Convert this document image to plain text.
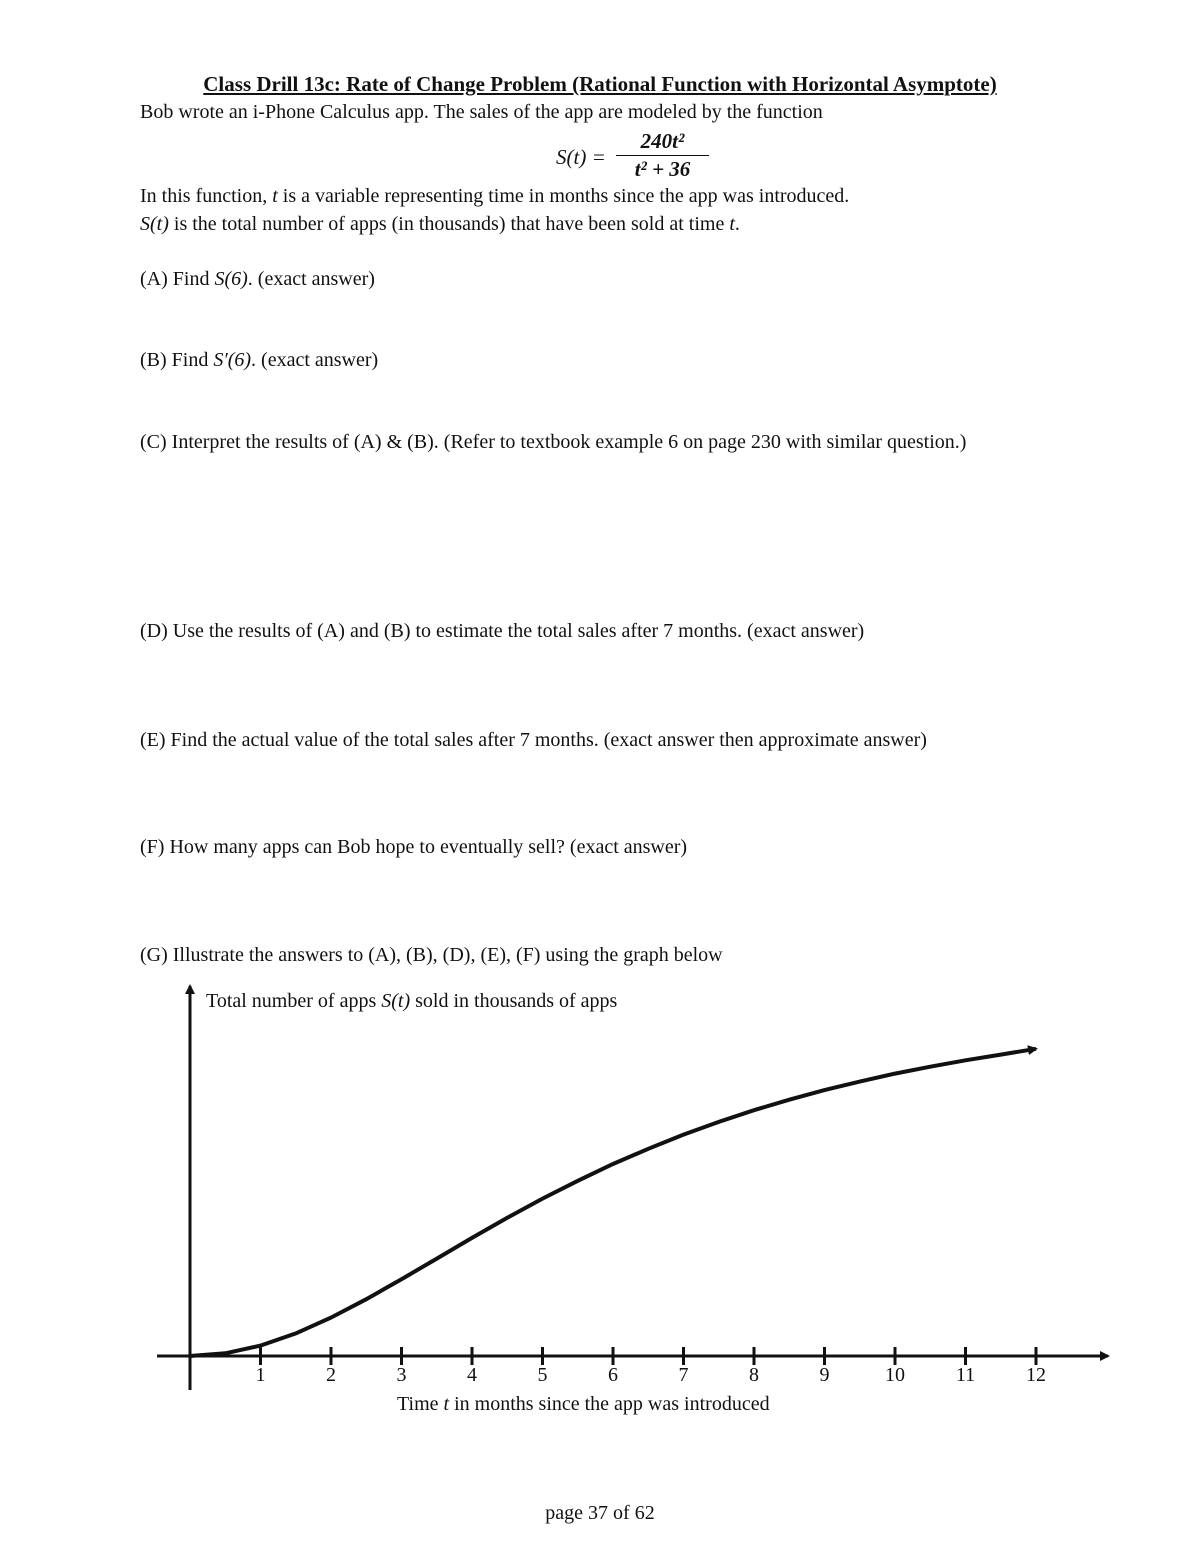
Class Drill 13c: Rate of Change Problem (Rational Function with Horizontal Asymptote)
Bob wrote an i-Phone Calculus app. The sales of the app are modeled by the function
S(t) =
240t²
t² + 36
In this function, t is a variable representing time in months since the app was introduced.
S(t) is the total number of apps (in thousands) that have been sold at time t.
(A) Find S(6). (exact answer)
(B) Find S′(6). (exact answer)
(C) Interpret the results of (A) & (B). (Refer to textbook example 6 on page 230 with similar question.)
(D) Use the results of (A) and (B) to estimate the total sales after 7 months. (exact answer)
(E) Find the actual value of the total sales after 7 months. (exact answer then approximate answer)
(F) How many apps can Bob hope to eventually sell? (exact answer)
(G) Illustrate the answers to (A), (B), (D), (E), (F) using the graph below
Total number of apps S(t) sold in thousands of apps
1	2	3	4	5	6	7	8	9	10	11	12
Time t in months since the app was introduced
page 37 of 62
